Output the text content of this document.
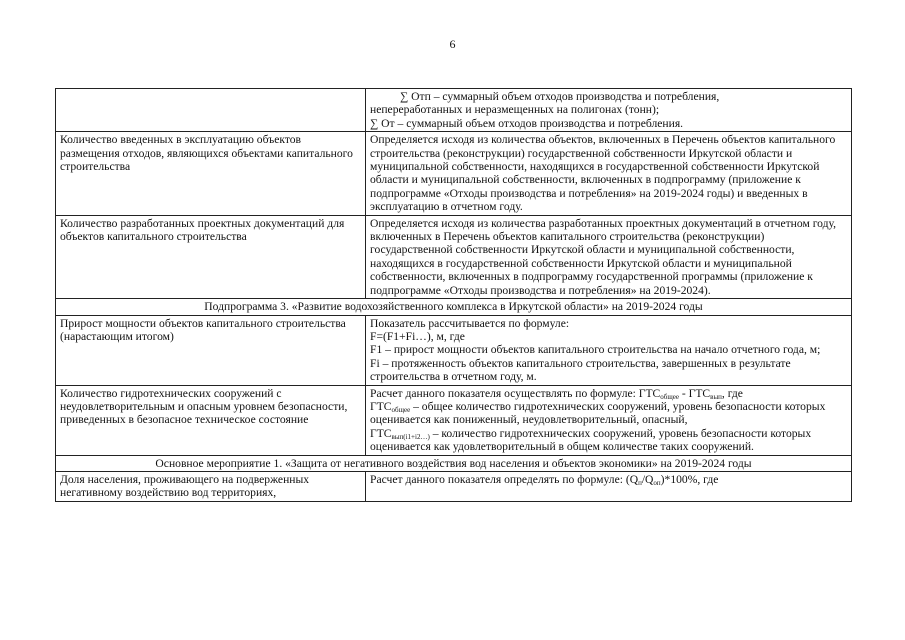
6

	∑ Отп – суммарный объем отходов производства и потребления,
непереработанных и неразмещенных на полигонах (тонн);
∑ От – суммарный объем отходов производства и потребления.

Количество введенных в эксплуатацию объектов размещения отходов, являющихся объектами капитального строительства	Определяется исходя из количества объектов, включенных в Перечень объектов капитального строительства (реконструкции) государственной собственности Иркутской области и муниципальной собственности, находящихся в государственной собственности Иркутской области и муниципальной собственности, включенных в подпрограмму (приложение к подпрограмме «Отходы производства и потребления» на 2019-2024 годы) и введенных в эксплуатацию в отчетном году.
Количество разработанных проектных документаций для объектов капитального строительства	Определяется исходя из количества разработанных проектных документаций в отчетном году, включенных в Перечень объектов капитального строительства (реконструкции) государственной собственности Иркутской области и муниципальной собственности, находящихся в государственной собственности Иркутской области и муниципальной собственности, включенных в подпрограмму государственной программы (приложение к подпрограмме «Отходы производства и потребления» на 2019-2024).
Подпрограмма 3. «Развитие водохозяйственного комплекса в Иркутской области» на 2019-2024 годы	
Прирост мощности объектов капитального строительства (нарастающим итогом)	Показатель рассчитывается по формуле:
F=(F1+Fi…), м, где
F1 – прирост мощности объектов капитального строительства на начало отчетного года, м;
Fi – протяженность объектов капитального строительства, завершенных в результате строительства в отчетном году, м.

Количество гидротехнических сооружений с неудовлетворительным и опасным уровнем безопасности, приведенных в безопасное техническое состояние	Расчет данного показателя осуществлять по формуле: $ГТС_{общее} - ГТС_{вып}$, где
$ГТС_{общее}$ – общее количество гидротехнических сооружений, уровень безопасности которых оценивается как пониженный, неудовлетворительный, опасный,
$ГТС_{вып(i1+i2\dots)}$ – количество гидротехнических сооружений, уровень безопасности которых оценивается как удовлетворительный в общем количестве таких сооружений.

Основное мероприятие 1. «Защита от негативного воздействия вод населения и объектов экономики» на 2019-2024 годы	
Доля населения, проживающего на подверженных негативному воздействию вод территориях,	Расчет данного показателя определять по формуле: $(Q_п/Q_{оп})*100\%$, где
